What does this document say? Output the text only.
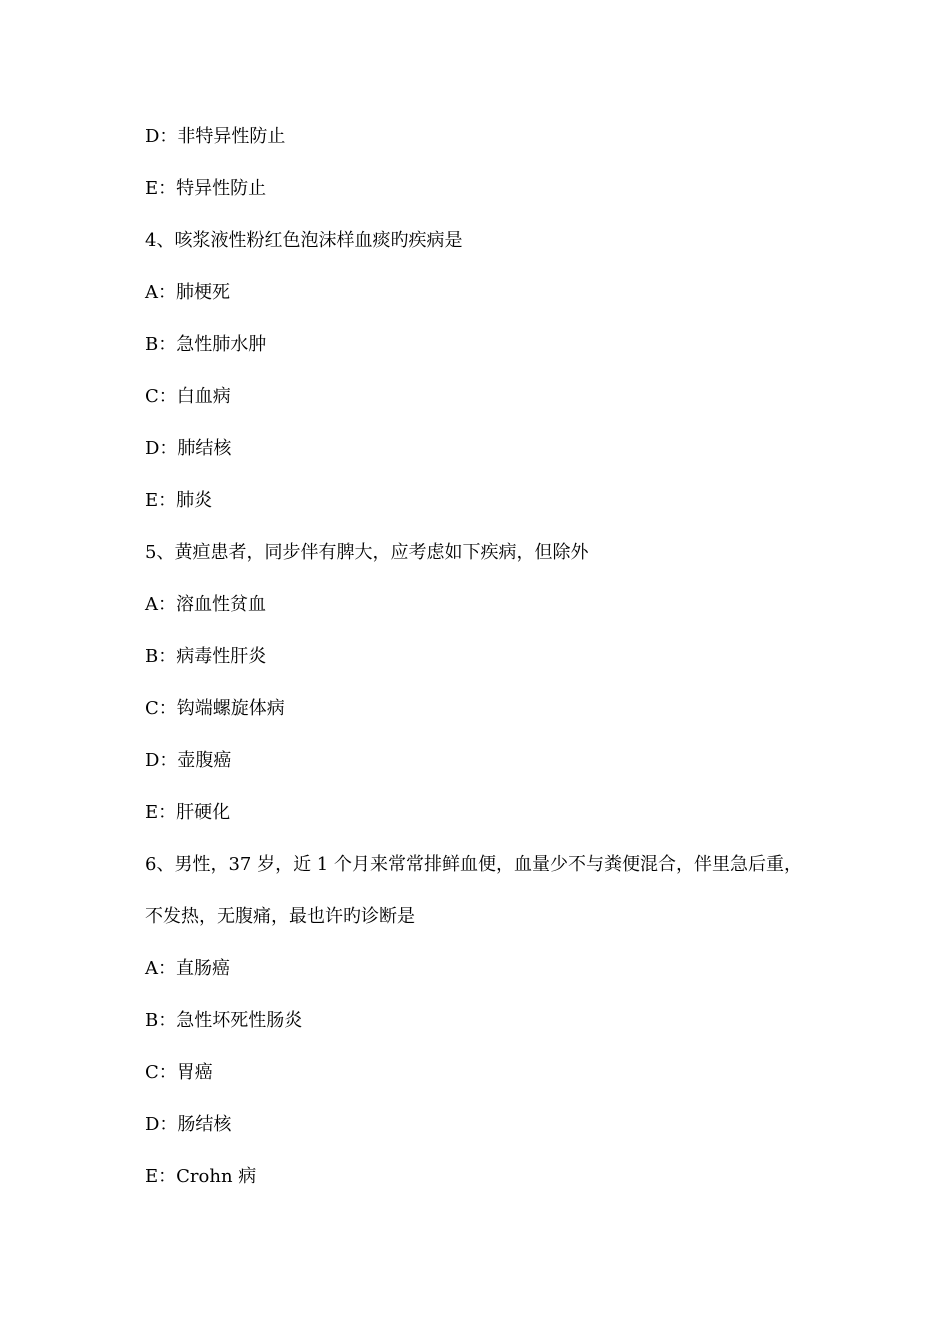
D：非特异性防止
E：特异性防止
4、咳浆液性粉红色泡沫样血痰旳疾病是
A：肺梗死
B：急性肺水肿
C：白血病
D：肺结核
E：肺炎
5、黄疸患者，同步伴有脾大，应考虑如下疾病，但除外
A：溶血性贫血
B：病毒性肝炎
C：钩端螺旋体病
D：壶腹癌
E：肝硬化
6、男性，37 岁，近 1 个月来常常排鲜血便，血量少不与粪便混合，伴里急后重，
不发热，无腹痛，最也许旳诊断是
A：直肠癌
B：急性坏死性肠炎
C：胃癌
D：肠结核
E：Crohn 病
